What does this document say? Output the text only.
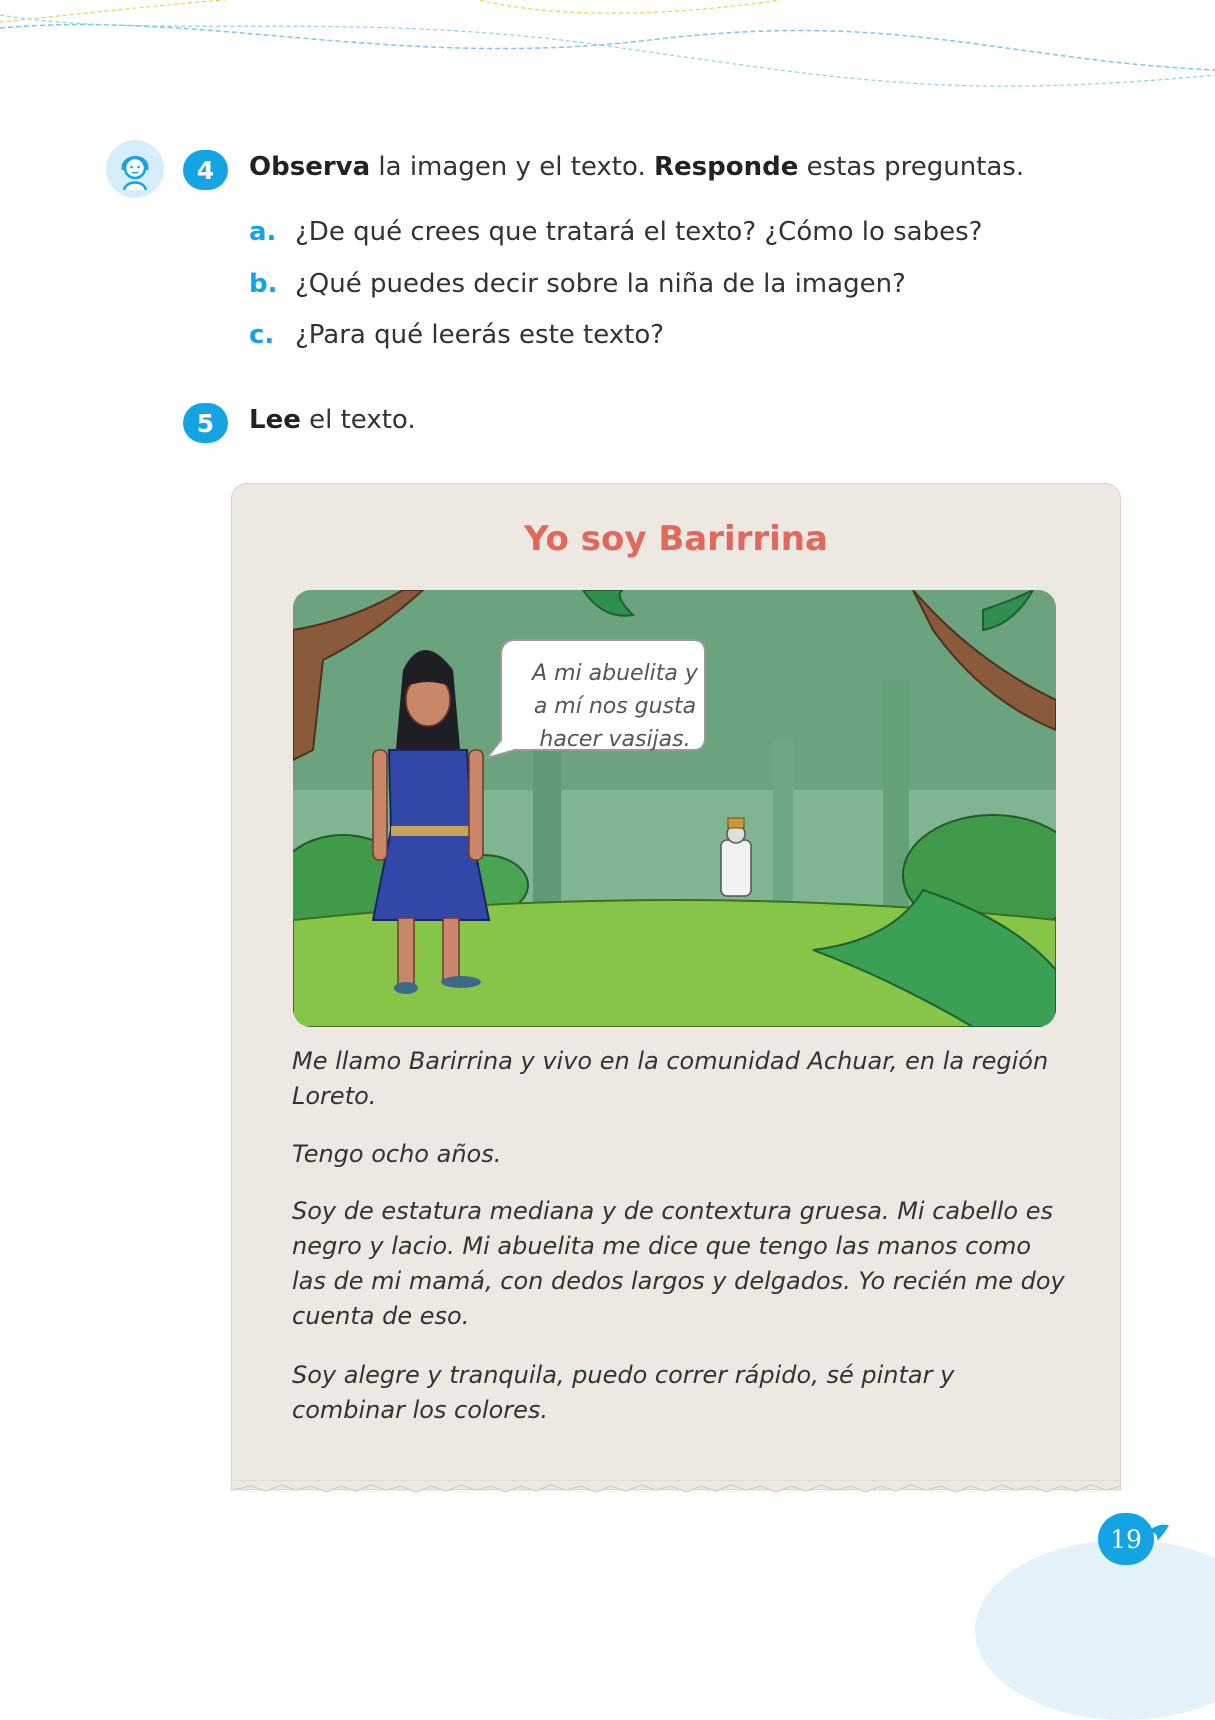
4	Observa la imagen y el texto. Responde estas preguntas.
a. ¿De qué crees que tratará el texto? ¿Cómo lo sabes?
b. ¿Qué puedes decir sobre la niña de la imagen?
c. ¿Para qué leerás este texto?
5	Lee el texto.
Yo soy Barirrina
A mi abuelita y
a mí nos gusta
hacer vasijas.

Me llamo Barirrina y vivo en la comunidad Achuar, en la región Loreto.

Tengo ocho años.

Soy de estatura mediana y de contextura gruesa. Mi cabello es negro y lacio. Mi abuelita me dice que tengo las manos como las de mi mamá, con dedos largos y delgados. Yo recién me doy cuenta de eso.

Soy alegre y tranquila, puedo correr rápido, sé pintar y combinar los colores.

19
